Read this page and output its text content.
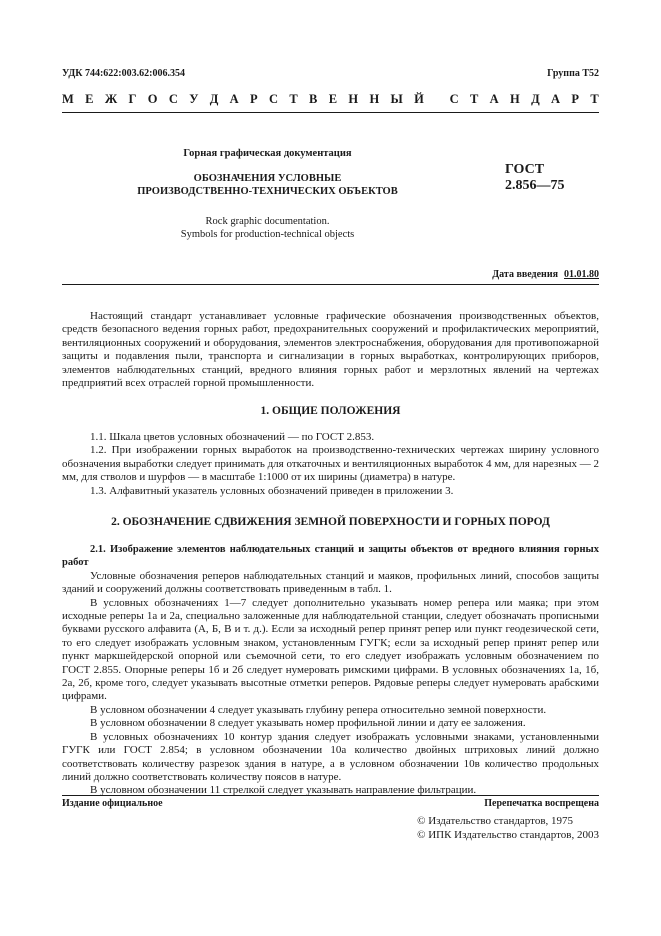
УДК 744:622:003.62:006.354	Группа Т52
М Е Ж Г О С У Д А Р С Т В Е Н Н Ы Й
С Т А Н Д А Р Т
Горная графическая документация
ОБОЗНАЧЕНИЯ УСЛОВНЫЕ
ПРОИЗВОДСТВЕННО-ТЕХНИЧЕСКИХ ОБЪЕКТОВ
ГОСТ
2.856—75
Rock graphic documentation.
Symbols for production-technical objects
Дата введения 01.01.80

Настоящий стандарт устанавливает условные графические обозначения производственных объектов, средств безопасного ведения горных работ, предохранительных сооружений и профилактических мероприятий, вентиляционных сооружений и оборудования, элементов электроснабжения, оборудования для противопожарной защиты и подавления пыли, транспорта и сигнализации в горных выработках, контролирующих приборов, элементов наблюдательных станций, вредного влияния горных работ и мерзлотных явлений на чертежах предприятий всех отраслей горной промышленности.

1. ОБЩИЕ ПОЛОЖЕНИЯ

1.1. Шкала цветов условных обозначений — по ГОСТ 2.853.

1.2. При изображении горных выработок на производственно-технических чертежах ширину условного обозначения выработки следует принимать для откаточных и вентиляционных выработок 4 мм, для нарезных — 2 мм, для стволов и шурфов — в масштабе 1:1000 от их ширины (диаметра) в натуре.

1.3. Алфавитный указатель условных обозначений приведен в приложении 3.

2. ОБОЗНАЧЕНИЕ СДВИЖЕНИЯ ЗЕМНОЙ ПОВЕРХНОСТИ И ГОРНЫХ ПОРОД

2.1. Изображение элементов наблюдательных станций и защиты объектов от вредного влияния горных работ

Условные обозначения реперов наблюдательных станций и маяков, профильных линий, способов защиты зданий и сооружений должны соответствовать приведенным в табл. 1.

В условных обозначениях 1—7 следует дополнительно указывать номер репера или маяка; при этом исходные реперы 1а и 2а, специально заложенные для наблюдательной станции, следует обозначать прописными буквами русского алфавита (А, Б, В и т. д.). Если за исходный репер принят репер или пункт геодезической сети, то его следует изображать условным знаком, установленным ГУГК; если за исходный репер принят репер или пункт маркшейдерской опорной или съемочной сети, то его следует изображать условным обозначением по ГОСТ 2.855. Опорные реперы 1б и 2б следует нумеровать римскими цифрами. В условных обозначениях 1а, 1б, 2а, 2б, кроме того, следует указывать высотные отметки реперов. Рядовые реперы следует нумеровать арабскими цифрами.

В условном обозначении 4 следует указывать глубину репера относительно земной поверхности.

В условном обозначении 8 следует указывать номер профильной линии и дату ее заложения.

В условных обозначениях 10 контур здания следует изображать условными знаками, установленными ГУГК или ГОСТ 2.854; в условном обозначении 10а количество двойных штриховых линий должно соответствовать количеству разрезок здания в натуре, а в условном обозначении 10в количество продольных линий должно соответствовать количеству поясов в натуре.

В условном обозначении 11 стрелкой следует указывать направление фильтрации.

Издание официальное	Перепечатка воспрещена
© Издательство стандартов, 1975
© ИПК Издательство стандартов, 2003
